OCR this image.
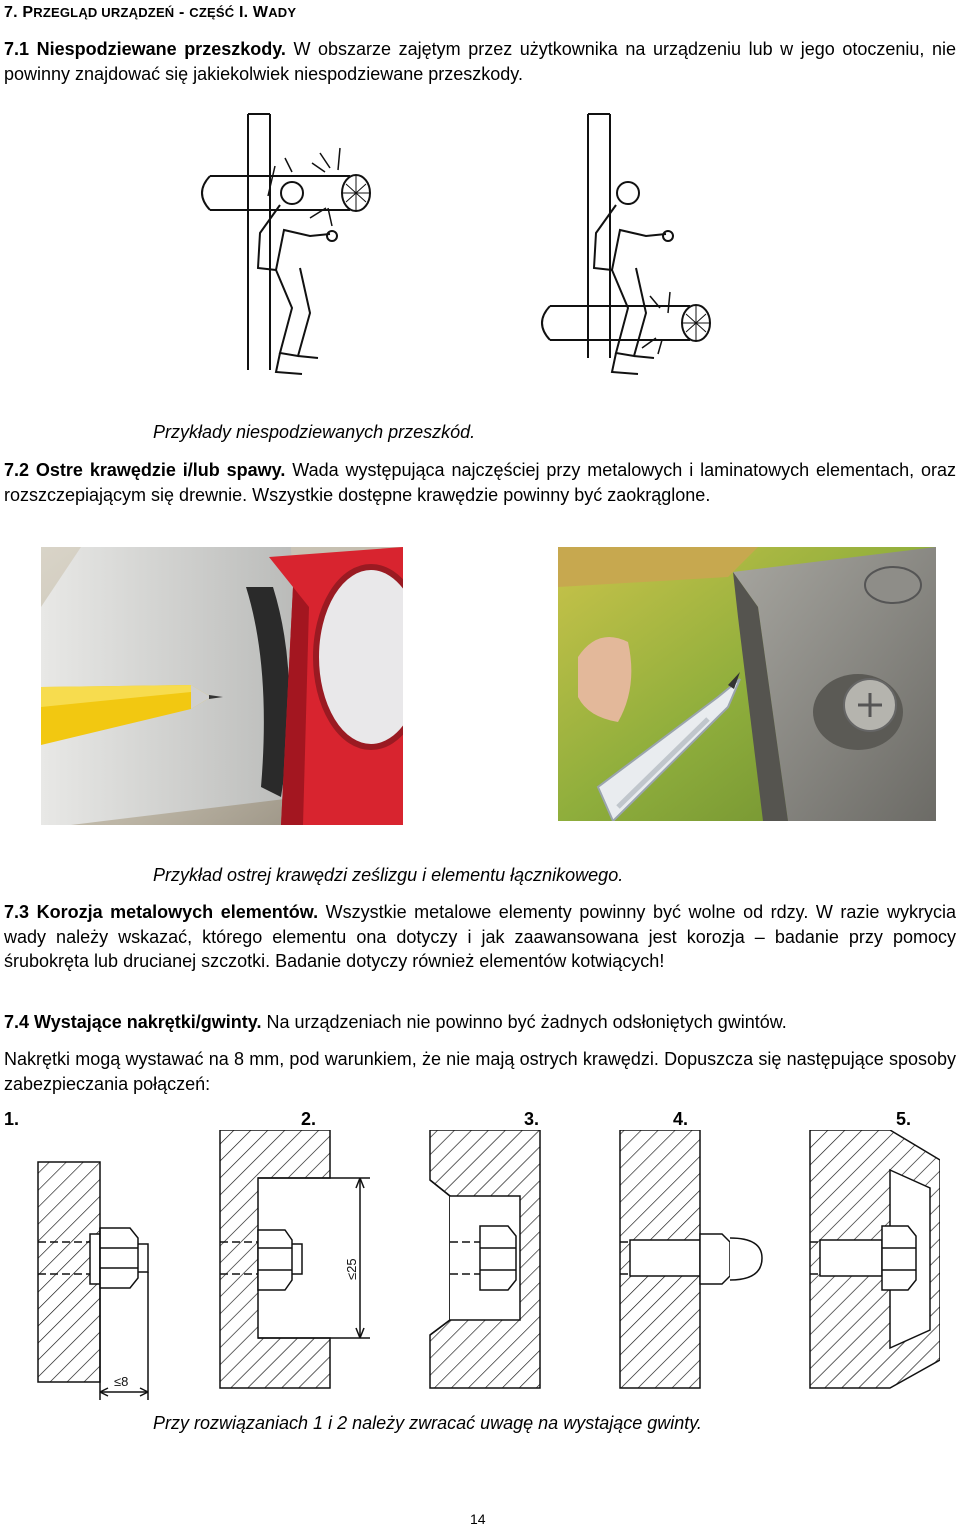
7. PRZEGLĄD URZĄDZEŃ - CZĘŚĆ I. WADY
7.1 Niespodziewane przeszkody. W obszarze zajętym przez użytkownika na urządzeniu lub w jego otoczeniu, nie powinny znajdować się jakiekolwiek niespodziewane przeszkody.
Przykłady niespodziewanych przeszkód.
7.2 Ostre krawędzie i/lub spawy. Wada występująca najczęściej przy metalowych i laminatowych elementach, oraz rozszczepiającym się drewnie. Wszystkie dostępne krawędzie powinny być zaokrąglone.
Przykład ostrej krawędzi ześlizgu i elementu łącznikowego.
7.3 Korozja metalowych elementów. Wszystkie metalowe elementy powinny być wolne od rdzy. W razie wykrycia wady należy wskazać, którego elementu ona dotyczy i jak zaawansowana jest korozja – badanie przy pomocy śrubokręta lub drucianej szczotki. Badanie dotyczy również elementów kotwiących!
7.4 Wystające nakrętki/gwinty. Na urządzeniach nie powinno być żadnych odsłoniętych gwintów.
Nakrętki mogą wystawać na 8 mm, pod warunkiem, że nie mają ostrych krawędzi. Dopuszcza się następujące sposoby zabezpieczania połączeń:
1.	2.	3.	4.	5.
≤8
≤25
Przy rozwiązaniach 1 i 2 należy zwracać uwagę na wystające gwinty.
14
